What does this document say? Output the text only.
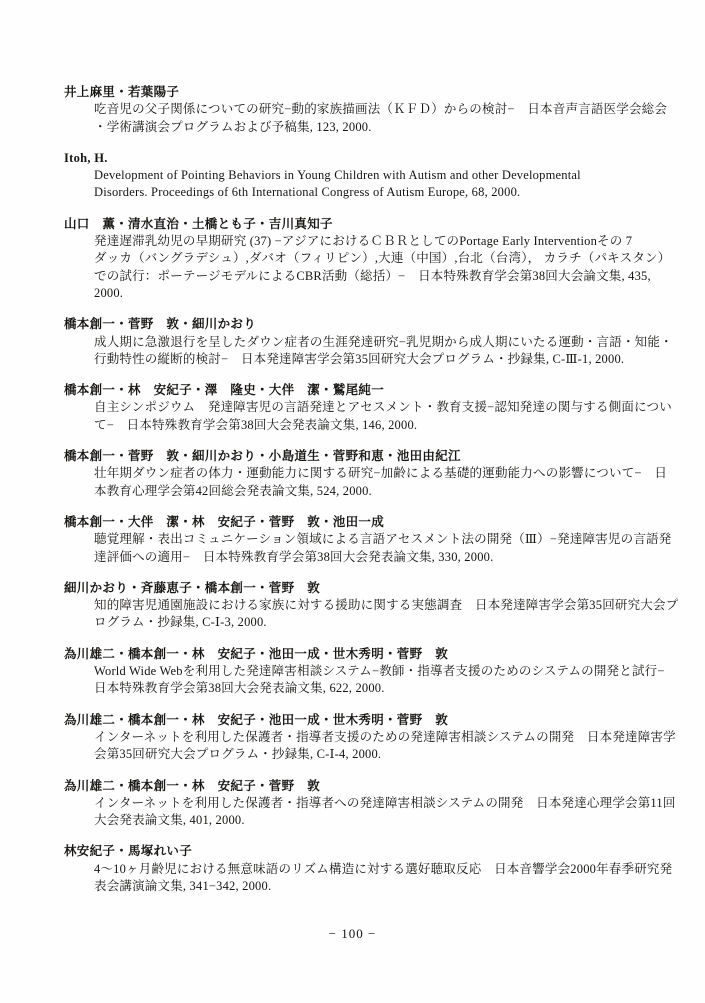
井上麻里・若葉陽子
吃音児の父子関係についての研究−動的家族描画法（ＫＦＤ）からの検討−　日本音声言語医学会総会
・学術講演会プログラムおよび予稿集, 123, 2000.
Itoh, H.
Development of Pointing Behaviors in Young Children with Autism and other Developmental
Disorders. Proceedings of 6th International Congress of Autism Europe, 68, 2000.
山口　薫・清水直治・土橋とも子・吉川真知子
発達遅滞乳幼児の早期研究 (37) −アジアにおけるＣＢＲとしてのPortage Early Interventionその 7
ダッカ（バングラデシュ）,ダバオ（フィリピン）,大連（中国）,台北（台湾）， カラチ（パキスタン）
での試行：ポーテージモデルによるCBR活動（総括）−　日本特殊教育学会第38回大会論文集, 435,
2000.
橋本創一・菅野　敦・細川かおり
成人期に急激退行を呈したダウン症者の生涯発達研究−乳児期から成人期にいたる運動・言語・知能・
行動特性の縦断的検討−　日本発達障害学会第35回研究大会プログラム・抄録集, C-Ⅲ-1, 2000.
橋本創一・林　安紀子・澤　隆史・大伴　潔・鷲尾純一
自主シンポジウム　発達障害児の言語発達とアセスメント・教育支援−認知発達の関与する側面につい
て−　日本特殊教育学会第38回大会発表論文集, 146, 2000.
橋本創一・菅野　敦・細川かおり・小島道生・菅野和恵・池田由紀江
壮年期ダウン症者の体力・運動能力に関する研究−加齢による基礎的運動能力への影響について−　日
本教育心理学会第42回総会発表論文集, 524, 2000.
橋本創一・大伴　潔・林　安紀子・菅野　敦・池田一成
聴覚理解・表出コミュニケーション領域による言語アセスメント法の開発（Ⅲ）−発達障害児の言語発
達評価への適用−　日本特殊教育学会第38回大会発表論文集, 330, 2000.
細川かおり・斉藤恵子・橋本創一・菅野　敦
知的障害児通園施設における家族に対する援助に関する実態調査　日本発達障害学会第35回研究大会プ
ログラム・抄録集, C-Ⅰ-3, 2000.
為川雄二・橋本創一・林　安紀子・池田一成・世木秀明・菅野　敦
World Wide Webを利用した発達障害相談システム−教師・指導者支援のためのシステムの開発と試行−
日本特殊教育学会第38回大会発表論文集, 622, 2000.
為川雄二・橋本創一・林　安紀子・池田一成・世木秀明・菅野　敦
インターネットを利用した保護者・指導者支援のための発達障害相談システムの開発　日本発達障害学
会第35回研究大会プログラム・抄録集, C-Ⅰ-4, 2000.
為川雄二・橋本創一・林　安紀子・菅野　敦
インターネットを利用した保護者・指導者への発達障害相談システムの開発　日本発達心理学会第11回
大会発表論文集, 401, 2000.
林安紀子・馬塚れい子
4〜10ヶ月齢児における無意味語のリズム構造に対する選好聴取反応　日本音響学会2000年春季研究発
表会講演論文集, 341−342, 2000.
− 100 −
